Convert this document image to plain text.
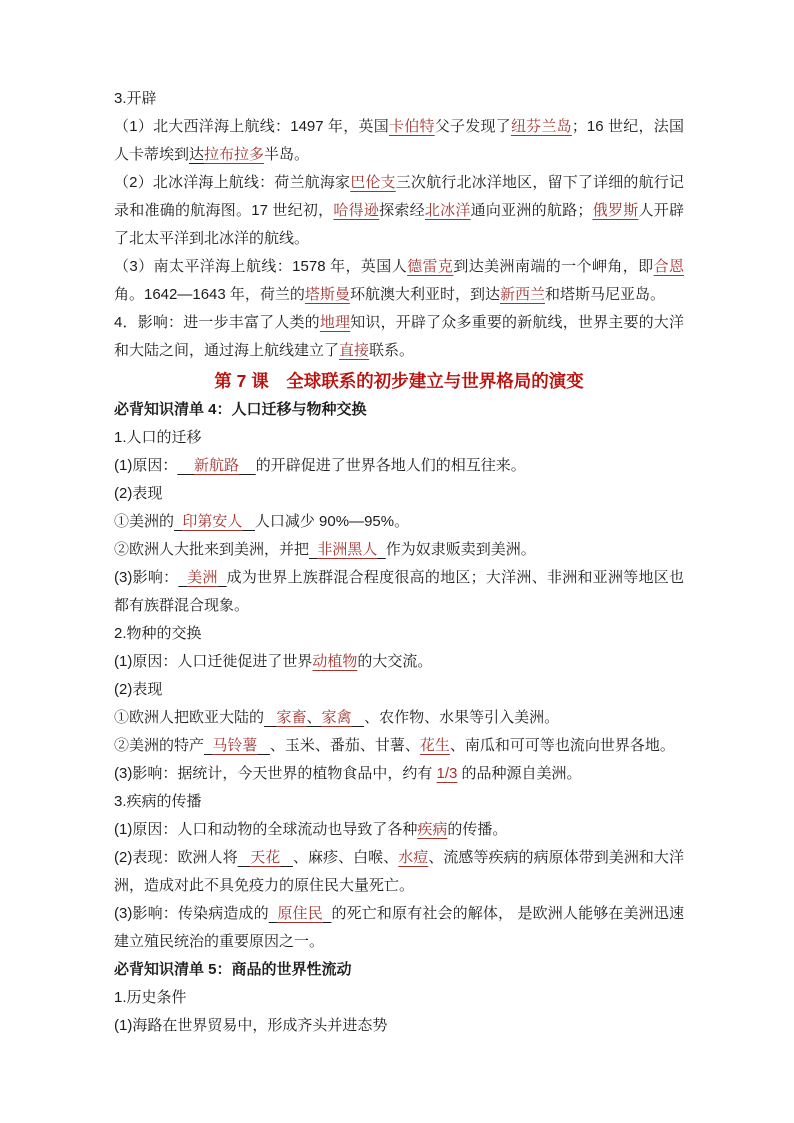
3.开辟

（1）北大西洋海上航线：1497 年，英国卡伯特父子发现了纽芬兰岛；16 世纪，法国人卡蒂埃到达拉布拉多半岛。

（2）北冰洋海上航线：荷兰航海家巴伦支三次航行北冰洋地区，留下了详细的航行记录和准确的航海图。17 世纪初，哈得逊探索经北冰洋通向亚洲的航路；俄罗斯人开辟了北太平洋到北冰洋的航线。

（3）南太平洋海上航线：1578 年，英国人德雷克到达美洲南端的一个岬角，即合恩角。1642—1643 年，荷兰的塔斯曼环航澳大利亚时，到达新西兰和塔斯马尼亚岛。

4．影响：进一步丰富了人类的地理知识，开辟了众多重要的新航线，世界主要的大洋和大陆之间，通过海上航线建立了直接联系。

第 7 课　全球联系的初步建立与世界格局的演变

必背知识清单 4：人口迁移与物种交换

1.人口的迁移

(1)原因： 新航路 的开辟促进了世界各地人们的相互往来。

(2)表现

①美洲的 印第安人 人口减少 90%—95%。

②欧洲人大批来到美洲，并把 非洲黑人 作为奴隶贩卖到美洲。

(3)影响： 美洲 成为世界上族群混合程度很高的地区；大洋洲、非洲和亚洲等地区也都有族群混合现象。

2.物种的交换

(1)原因：人口迁徙促进了世界动植物的大交流。

(2)表现

①欧洲人把欧亚大陆的 家畜、家禽 、农作物、水果等引入美洲。

②美洲的特产 马铃薯 、玉米、番茄、甘薯、花生、南瓜和可可等也流向世界各地。

(3)影响：据统计，今天世界的植物食品中，约有 1/3 的品种源自美洲。

3.疾病的传播

(1)原因：人口和动物的全球流动也导致了各种疾病的传播。

(2)表现：欧洲人将 天花 、麻疹、白喉、水痘、流感等疾病的病原体带到美洲和大洋洲，造成对此不具免疫力的原住民大量死亡。

(3)影响：传染病造成的 原住民 的死亡和原有社会的解体， 是欧洲人能够在美洲迅速建立殖民统治的重要原因之一。

必背知识清单 5：商品的世界性流动

1.历史条件

(1)海路在世界贸易中，形成齐头并进态势
